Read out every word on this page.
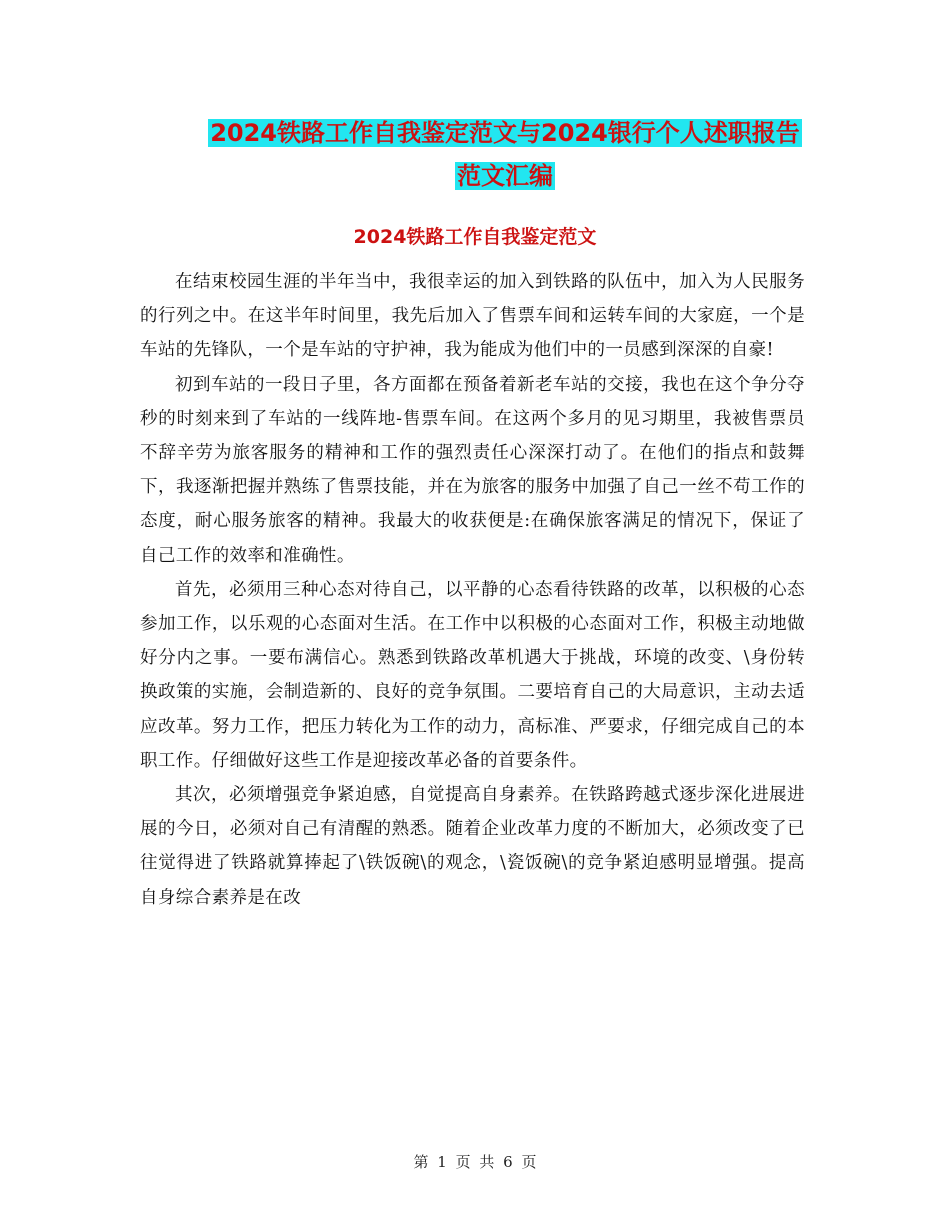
2024铁路工作自我鉴定范文与2024银行个人述职报告
范文汇编
2024铁路工作自我鉴定范文

在结束校园生涯的半年当中，我很幸运的加入到铁路的队伍中，加入为人民服务的行列之中。在这半年时间里，我先后加入了售票车间和运转车间的大家庭，一个是车站的先锋队，一个是车站的守护神，我为能成为他们中的一员感到深深的自豪!

初到车站的一段日子里，各方面都在预备着新老车站的交接，我也在这个争分夺秒的时刻来到了车站的一线阵地-售票车间。在这两个多月的见习期里，我被售票员不辞辛劳为旅客服务的精神和工作的强烈责任心深深打动了。在他们的指点和鼓舞下，我逐渐把握并熟练了售票技能，并在为旅客的服务中加强了自己一丝不苟工作的态度，耐心服务旅客的精神。我最大的收获便是:在确保旅客满足的情况下，保证了自己工作的效率和准确性。

首先，必须用三种心态对待自己，以平静的心态看待铁路的改革，以积极的心态参加工作，以乐观的心态面对生活。在工作中以积极的心态面对工作，积极主动地做好分内之事。一要布满信心。熟悉到铁路改革机遇大于挑战，环境的改变、\身份转换政策的实施，会制造新的、良好的竞争氛围。二要培育自己的大局意识，主动去适应改革。努力工作，把压力转化为工作的动力，高标准、严要求，仔细完成自己的本职工作。仔细做好这些工作是迎接改革必备的首要条件。

其次，必须增强竞争紧迫感，自觉提高自身素养。在铁路跨越式逐步深化进展进展的今日，必须对自己有清醒的熟悉。随着企业改革力度的不断加大，必须改变了已往觉得进了铁路就算捧起了\铁饭碗\的观念，\瓷饭碗\的竞争紧迫感明显增强。提高自身综合素养是在改

第 1 页 共 6 页
